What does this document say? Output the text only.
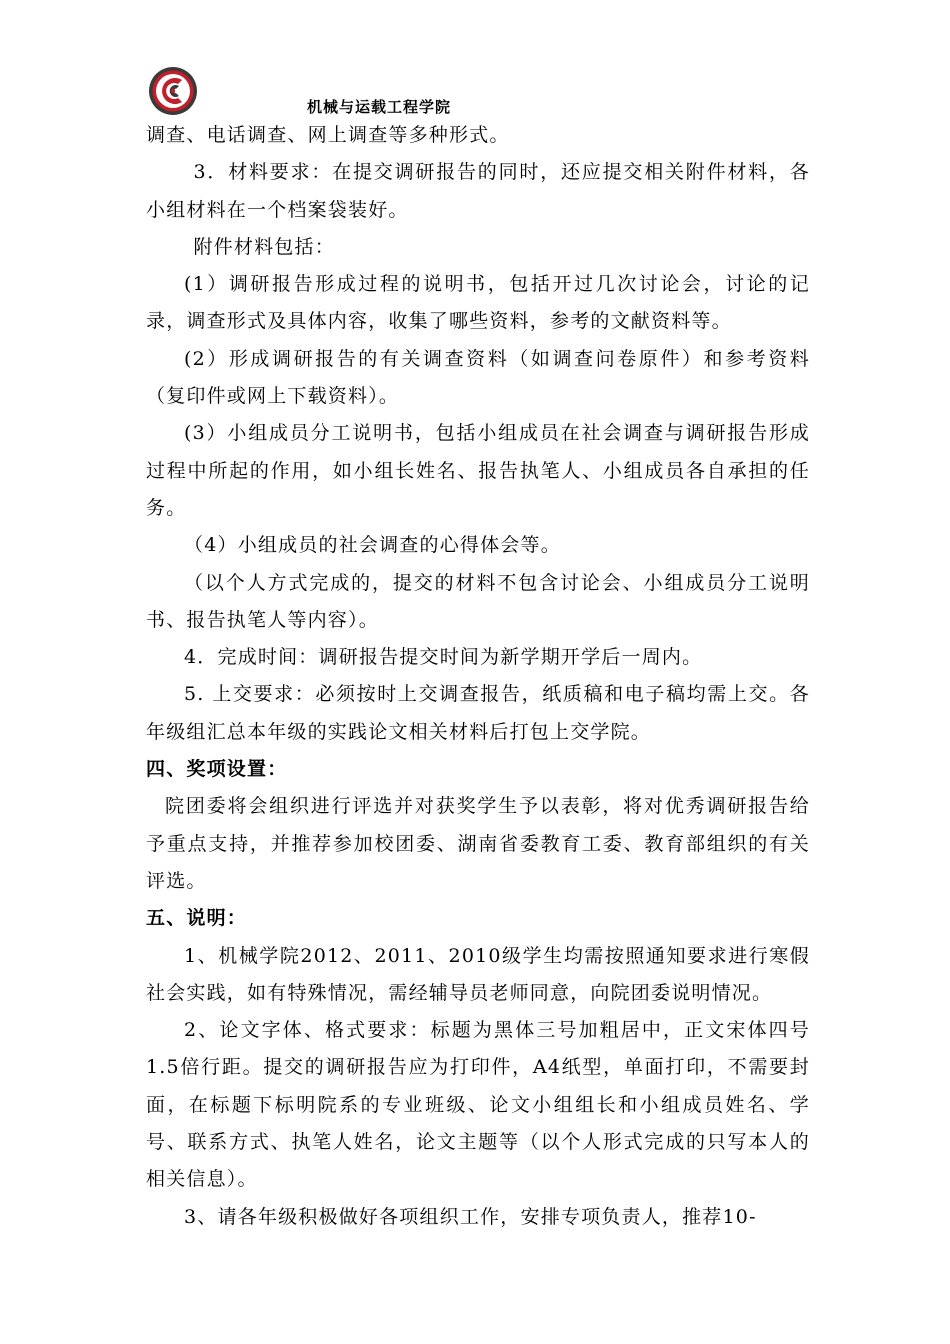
机械与运载工程学院

调查、电话调查、网上调查等多种形式。

3．材料要求：在提交调研报告的同时，还应提交相关附件材料，各小组材料在一个档案袋装好。

附件材料包括：

(1）调研报告形成过程的说明书，包括开过几次讨论会，讨论的记录，调查形式及具体内容，收集了哪些资料，参考的文献资料等。

(2）形成调研报告的有关调查资料（如调查问卷原件）和参考资料（复印件或网上下载资料）。

(3）小组成员分工说明书，包括小组成员在社会调查与调研报告形成过程中所起的作用，如小组长姓名、报告执笔人、小组成员各自承担的任务。

（4）小组成员的社会调查的心得体会等。

（以个人方式完成的，提交的材料不包含讨论会、小组成员分工说明书、报告执笔人等内容）。

4．完成时间：调研报告提交时间为新学期开学后一周内。

5. 上交要求：必须按时上交调查报告，纸质稿和电子稿均需上交。各年级组汇总本年级的实践论文相关材料后打包上交学院。

四、奖项设置：

院团委将会组织进行评选并对获奖学生予以表彰，将对优秀调研报告给予重点支持，并推荐参加校团委、湖南省委教育工委、教育部组织的有关评选。

五、说明：

1、机械学院2012、2011、2010级学生均需按照通知要求进行寒假社会实践，如有特殊情况，需经辅导员老师同意，向院团委说明情况。

2、论文字体、格式要求：标题为黑体三号加粗居中，正文宋体四号1.5倍行距。提交的调研报告应为打印件，A4纸型，单面打印，不需要封面，在标题下标明院系的专业班级、论文小组组长和小组成员姓名、学号、联系方式、执笔人姓名，论文主题等（以个人形式完成的只写本人的相关信息）。

3、请各年级积极做好各项组织工作，安排专项负责人，推荐10-
